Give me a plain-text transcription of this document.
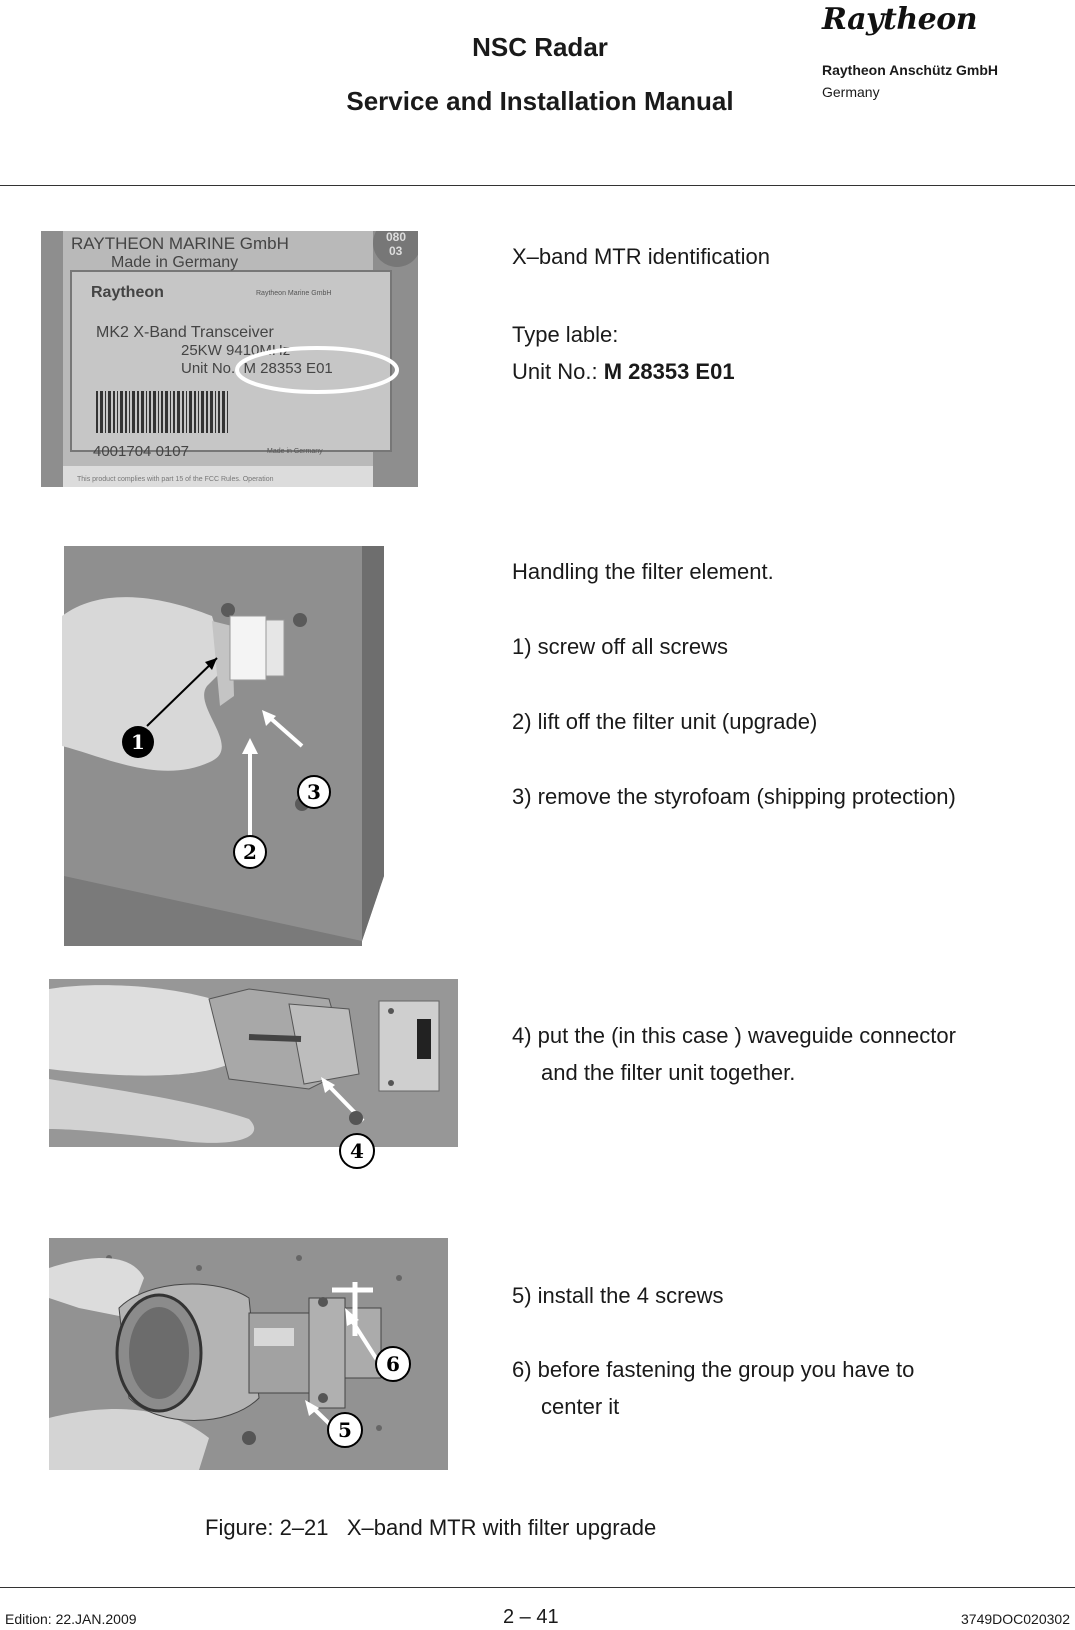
NSC Radar
Service and Installation Manual
Raytheon
Raytheon Anschütz GmbH
Germany
RAYTHEON MARINE GmbH
Made in Germany
080
03
Raytheon	Raytheon Marine GmbH
MK2 X-Band Transceiver
25KW 9410MHz
Unit No.: M 28353 E01
4001704 0107	Made in Germany
This product complies with part 15 of the FCC Rules. Operation
X–band MTR identification
Type lable:
Unit No.: M 28353 E01
1
2
3
Handling the filter element.
1) screw off all screws
2) lift off the filter unit (upgrade)
3) remove the styrofoam (shipping protection)
4
4) put the (in this case ) waveguide connector
and the filter unit together.
6
5
5) install the 4 screws
6) before fastening the group you have to
center it
Figure: 2–21   X–band MTR with filter upgrade
Edition: 22.JAN.2009	2 – 41	3749DOC020302
